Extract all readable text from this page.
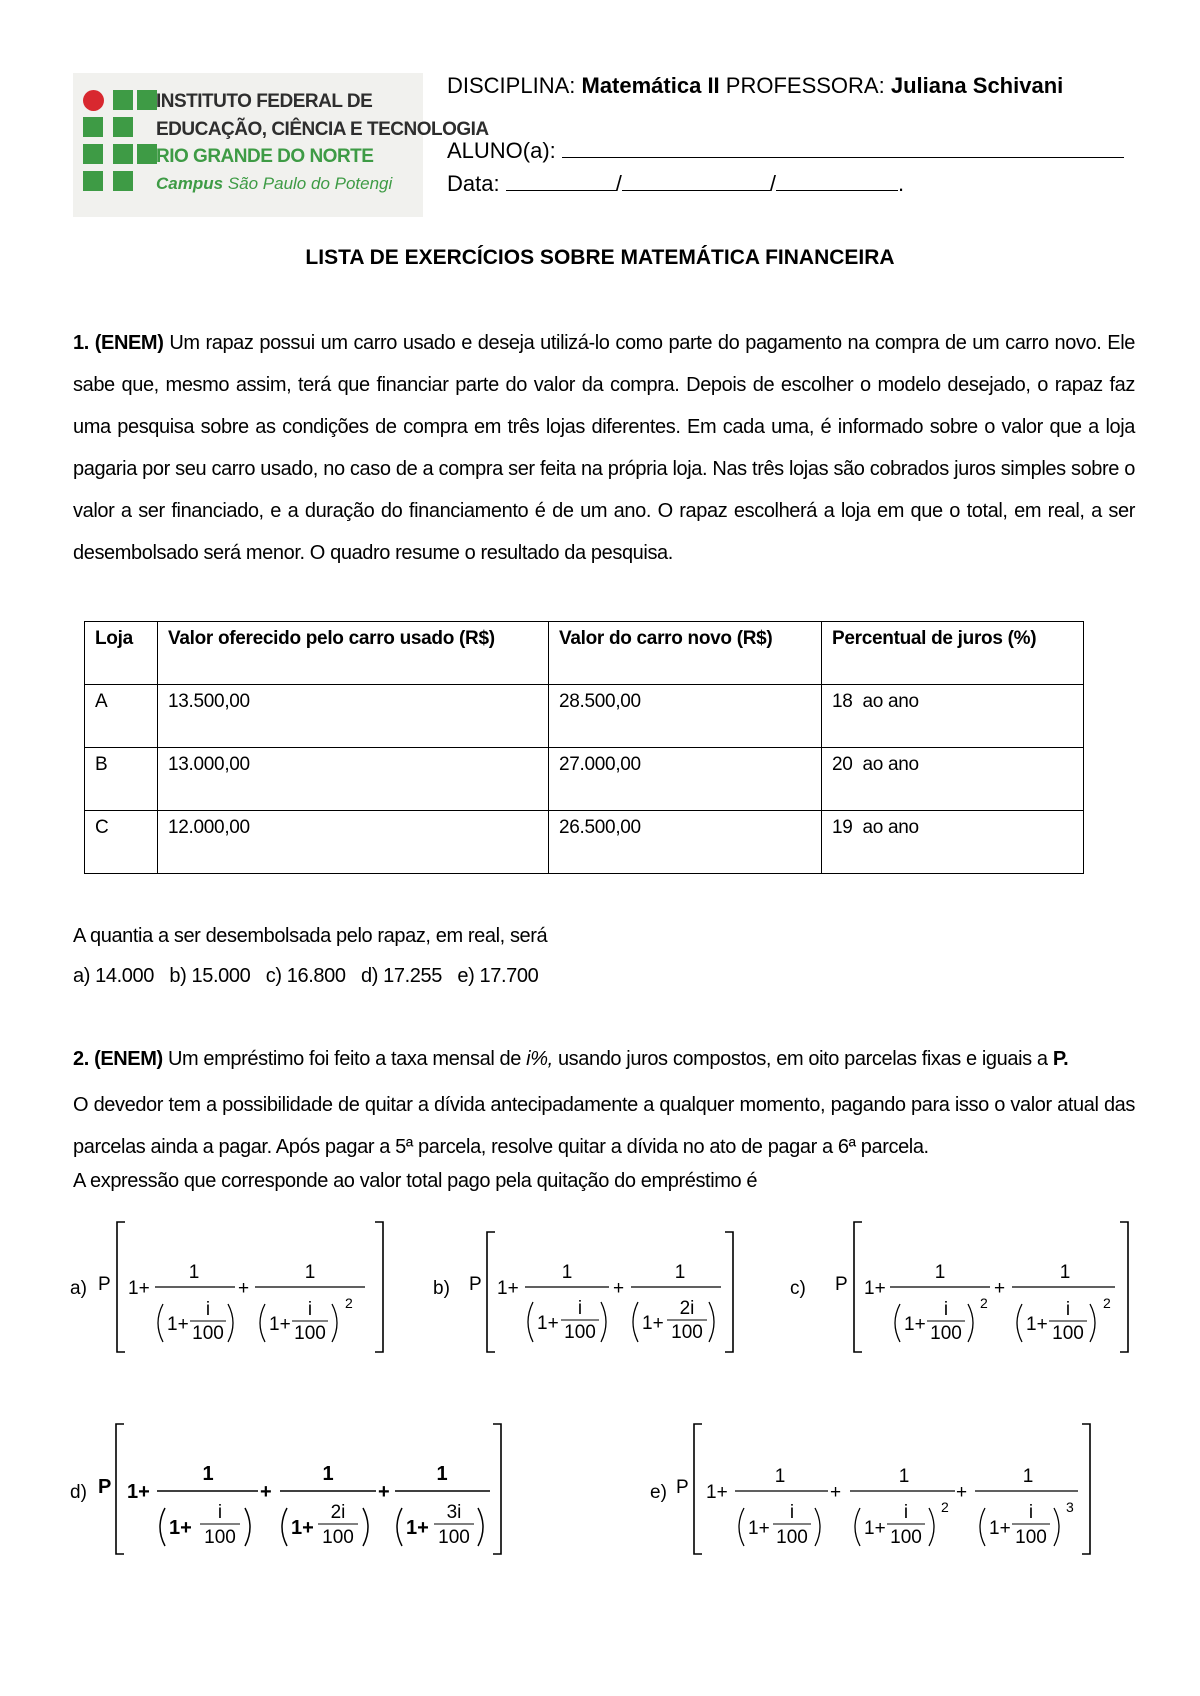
INSTITUTO FEDERAL DE
EDUCAÇÃO, CIÊNCIA E TECNOLOGIA
RIO GRANDE DO NORTE
Campus São Paulo do Potengi
DISCIPLINA: Matemática II PROFESSORA: Juliana Schivani
ALUNO(a):
Data:	/	/	.
LISTA DE EXERCÍCIOS SOBRE MATEMÁTICA FINANCEIRA
1. (ENEM) Um rapaz possui um carro usado e deseja utilizá-lo como parte do pagamento na compra de um carro novo. Ele sabe que, mesmo assim, terá que financiar parte do valor da compra. Depois de escolher o modelo desejado, o rapaz faz uma pesquisa sobre as condições de compra em três lojas diferentes. Em cada uma, é informado sobre o valor que a loja pagaria por seu carro usado, no caso de a compra ser feita na própria loja. Nas três lojas são cobrados juros simples sobre o valor a ser financiado, e a duração do financiamento é de um ano. O rapaz escolherá a loja em que o total, em real, a ser desembolsado será menor. O quadro resume o resultado da pesquisa.
Loja	Valor oferecido pelo carro usado (R$)	Valor do carro novo (R$)	Percentual de juros (%)
A	13.500,00	28.500,00	18  ao ano
B	13.000,00	27.000,00	20  ao ano
C	12.000,00	26.500,00	19  ao ano
A quantia a ser desembolsada pelo rapaz, em real, será
a) 14.000   b) 15.000   c) 16.800   d) 17.255   e) 17.700
2. (ENEM) Um empréstimo foi feito a taxa mensal de i%, usando juros compostos, em oito parcelas fixas e iguais a P.
O devedor tem a possibilidade de quitar a dívida antecipadamente a qualquer momento, pagando para isso o valor atual das parcelas ainda a pagar. Após pagar a 5ª parcela, resolve quitar a dívida no ato de pagar a 6ª parcela.
A expressão que corresponde ao valor total pago pela quitação do empréstimo é
a) P 1+
1
1+
i
100
+
1
1+
i
100
2
b) P 1+
1
1+
i
100
+
1
1+
2i
100
c) P 1+
1
1+
i
100
2
+
1
1+
i
100
2
d) P 1+
1
1+
i
100
+
1
1+
2i
100
+
1
1+
3i
100
e) P 1+
1
1+
i
100
+
1
1+
i
100
2
+
1
1+
i
100
3
